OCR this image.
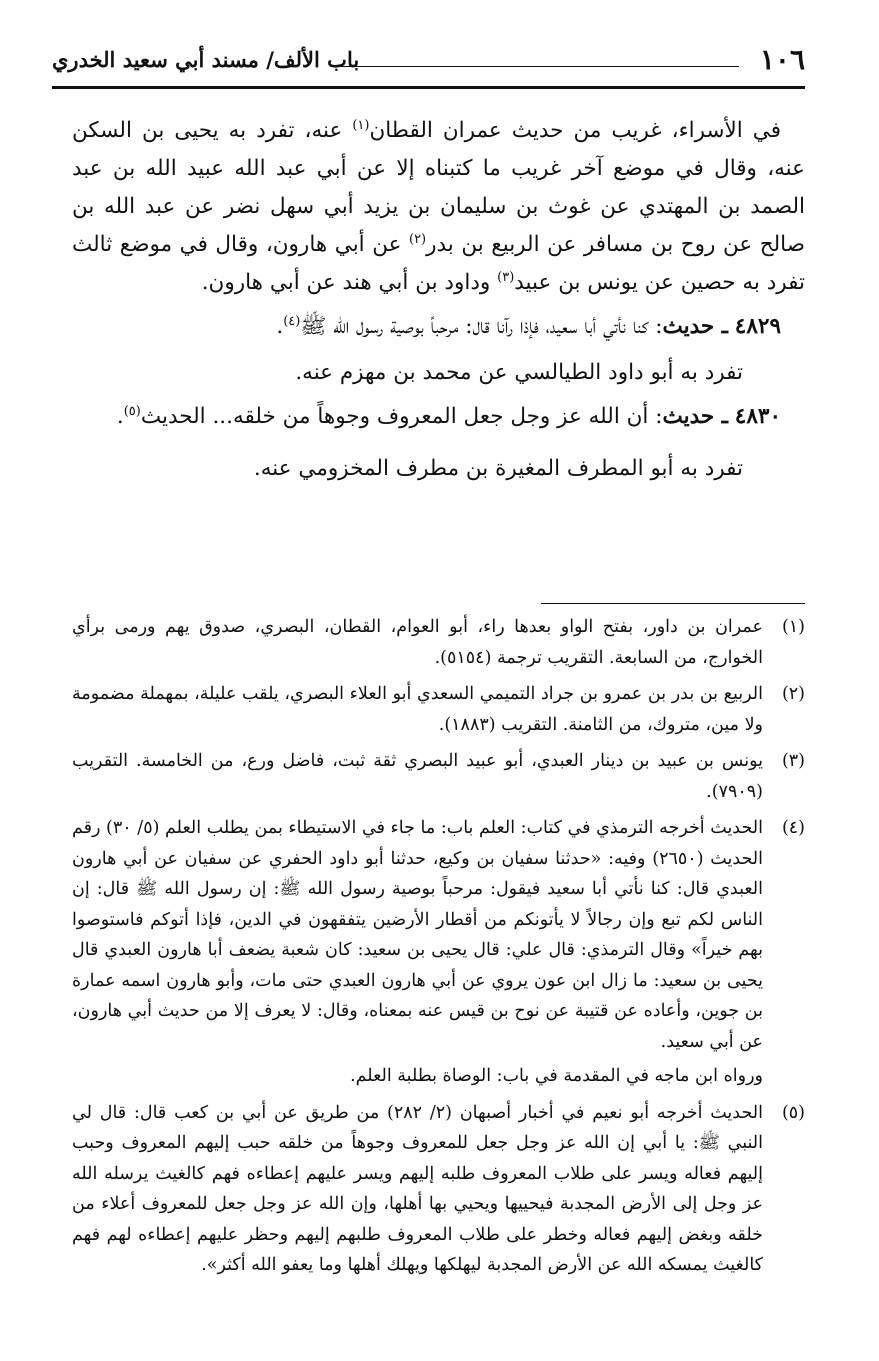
١٠٦
باب الألف/ مسند أبي سعيد الخدري

في الأسراء، غريب من حديث عمران القطان$^{(١)}$ عنه، تفرد به يحيى بن السكن عنه، وقال في موضع آخر غريب ما كتبناه إلا عن أبي عبد الله عبيد الله بن عبد الصمد بن المهتدي عن غوث بن سليمان بن يزيد أبي سهل نضر عن عبد الله بن صالح عن روح بن مسافر عن الربيع بن بدر$^{(٢)}$ عن أبي هارون، وقال في موضع ثالث تفرد به حصين عن يونس بن عبيد$^{(٣)}$ وداود بن أبي هند عن أبي هارون.

٤٨٢٩ ـ حديث: كنا نأتي أبا سعيد، فإذا رآنا قال: مرحباً بوصية رسول الله ﷺ$^{(٤)}$.

تفرد به أبو داود الطيالسي عن محمد بن مهزم عنه.

٤٨٣٠ ـ حديث: أن الله عز وجل جعل المعروف وجوهاً من خلقه... الحديث$^{(٥)}$.

تفرد به أبو المطرف المغيرة بن مطرف المخزومي عنه.

(١)
عمران بن داور، بفتح الواو بعدها راء، أبو العوام، القطان، البصري، صدوق يهم ورمى برأي الخوارج، من السابعة. التقريب ترجمة (٥١٥٤).
(٢)
الربيع بن بدر بن عمرو بن جراد التميمي السعدي أبو العلاء البصري، يلقب عليلة، بمهملة مضمومة ولا مين، متروك، من الثامنة. التقريب (١٨٨٣).
(٣)
يونس بن عبيد بن دينار العبدي، أبو عبيد البصري ثقة ثبت، فاضل ورع، من الخامسة. التقريب (٧٩٠٩).
(٤)
الحديث أخرجه الترمذي في كتاب: العلم باب: ما جاء في الاستيطاء بمن يطلب العلم (٥/ ٣٠) رقم الحديث (٢٦٥٠) وفيه: «حدثنا سفيان بن وكيع، حدثنا أبو داود الحفري عن سفيان عن أبي هارون العبدي قال: كنا نأتي أبا سعيد فيقول: مرحباً بوصية رسول الله ﷺ: إن رسول الله ﷺ قال: إن الناس لكم تبع وإن رجالاً لا يأتونكم من أقطار الأرضين يتفقهون في الدين، فإذا أتوكم فاستوصوا بهم خيراً» وقال الترمذي: قال علي: قال يحيى بن سعيد: كان شعبة يضعف أبا هارون العبدي قال يحيى بن سعيد: ما زال ابن عون يروي عن أبي هارون العبدي حتى مات، وأبو هارون اسمه عمارة بن جوين، وأعاده عن قتيبة عن نوح بن قيس عنه بمعناه، وقال: لا يعرف إلا من حديث أبي هارون، عن أبي سعيد.
ورواه ابن ماجه في المقدمة في باب: الوصاة بطلبة العلم.
(٥)
الحديث أخرجه أبو نعيم في أخبار أصبهان (٢/ ٢٨٢) من طريق عن أبي بن كعب قال: قال لي النبي ﷺ: يا أبي إن الله عز وجل جعل للمعروف وجوهاً من خلقه حبب إليهم المعروف وحبب إليهم فعاله ويسر على طلاب المعروف طلبه إليهم ويسر عليهم إعطاءه فهم كالغيث يرسله الله عز وجل إلى الأرض المجدبة فيحييها ويحيي بها أهلها، وإن الله عز وجل جعل للمعروف أعلاء من خلقه وبغض إليهم فعاله وخطر على طلاب المعروف طلبهم إليهم وحظر عليهم إعطاءه لهم فهم كالغيث يمسكه الله عن الأرض المجدبة ليهلكها ويهلك أهلها وما يعفو الله أكثر».
